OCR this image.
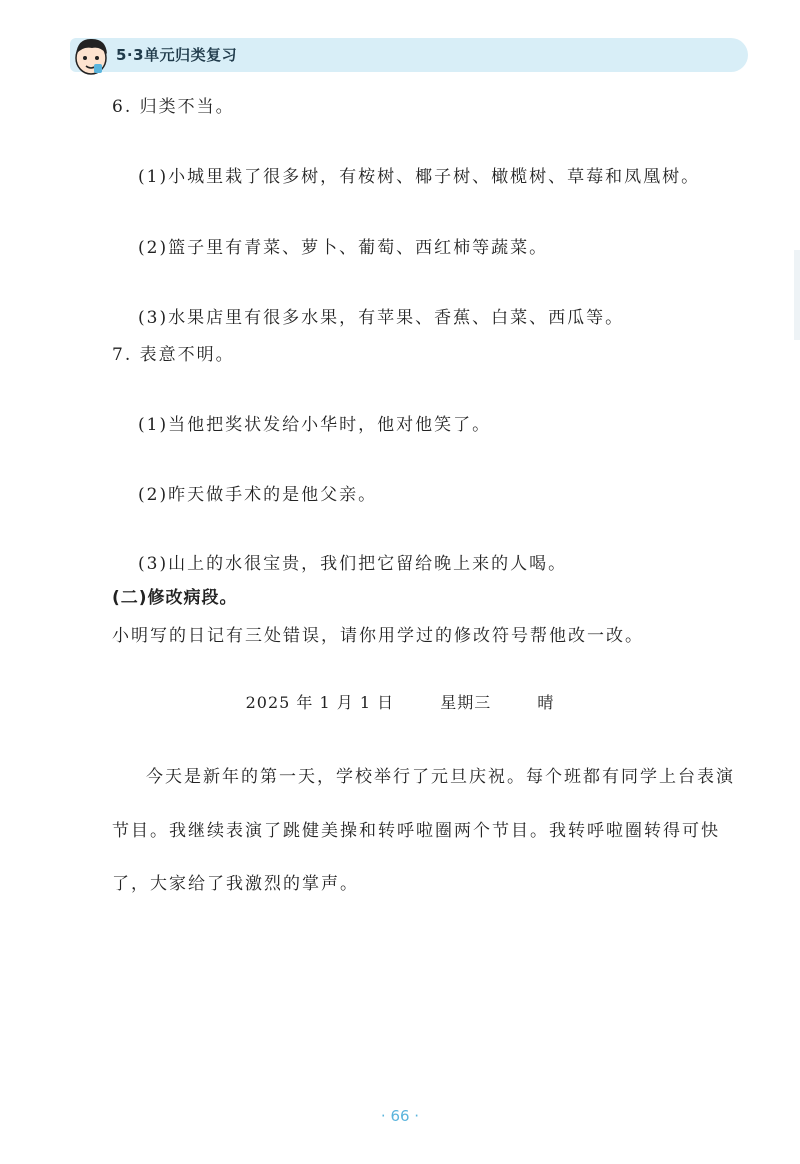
5·3单元归类复习
6. 归类不当。
(1)小城里栽了很多树，有桉树、椰子树、橄榄树、草莓和凤凰树。
(2)篮子里有青菜、萝卜、葡萄、西红柿等蔬菜。
(3)水果店里有很多水果，有苹果、香蕉、白菜、西瓜等。
7. 表意不明。
(1)当他把奖状发给小华时，他对他笑了。
(2)昨天做手术的是他父亲。
(3)山上的水很宝贵，我们把它留给晚上来的人喝。
(二)修改病段。
小明写的日记有三处错误，请你用学过的修改符号帮他改一改。
2025 年 1 月 1 日	星期三	晴
今天是新年的第一天，学校举行了元旦庆祝。每个班都有同学上台表演
节目。我继续表演了跳健美操和转呼啦圈两个节目。我转呼啦圈转得可快
了，大家给了我激烈的掌声。
· 66 ·
